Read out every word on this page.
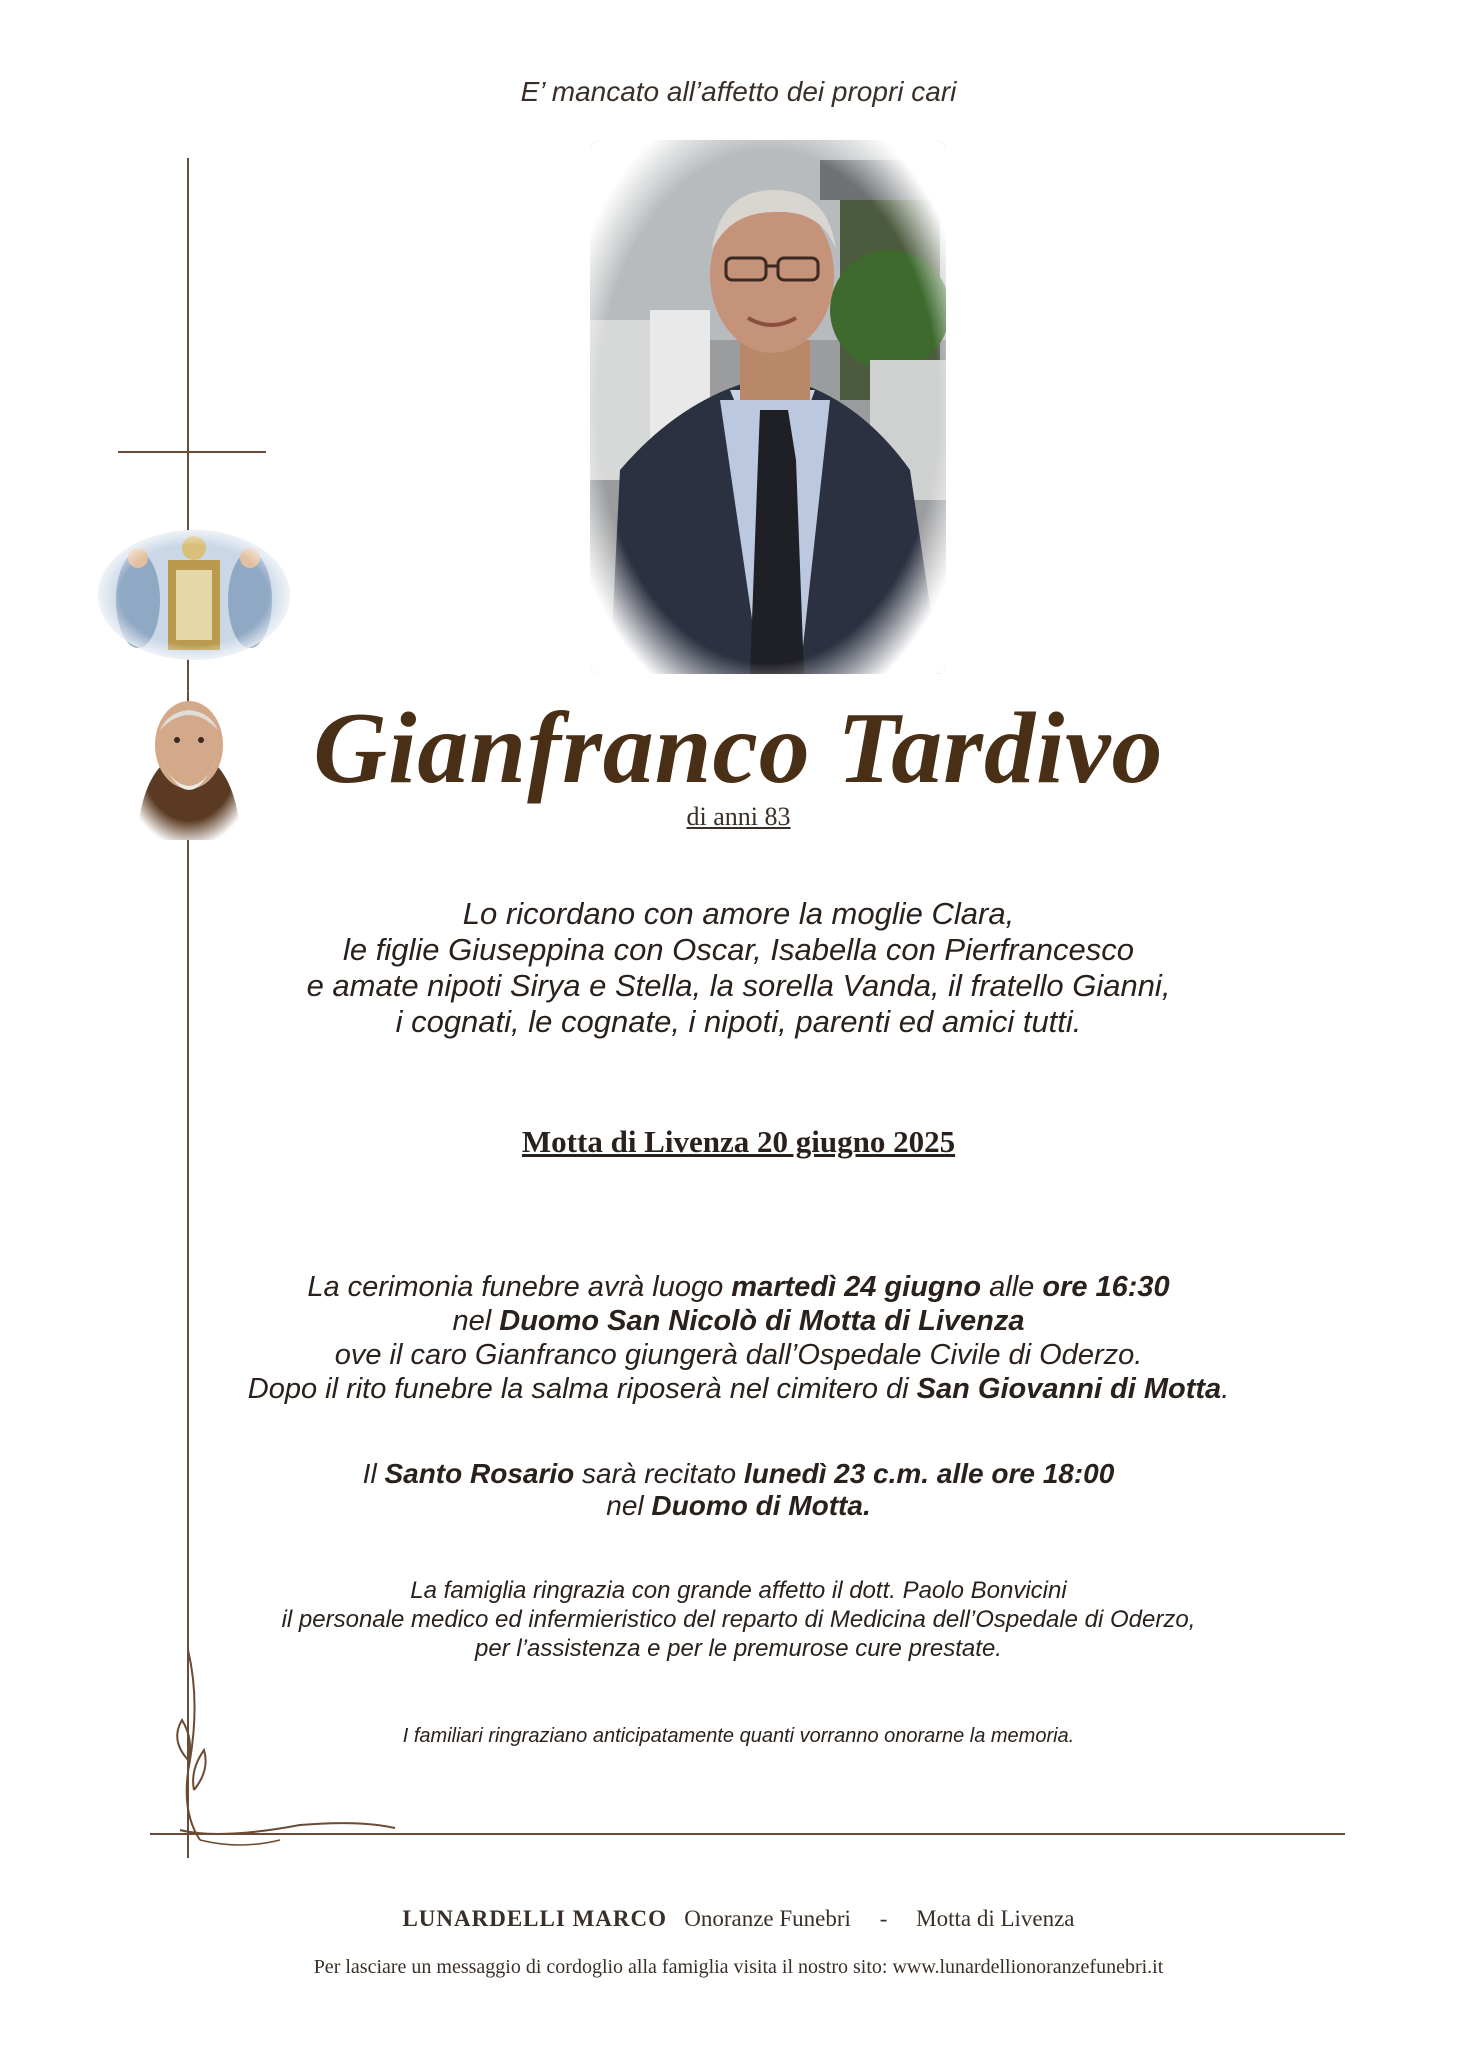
E’ mancato all’affetto dei propri cari
Gianfranco Tardivo
di anni 83
Lo ricordano con amore la moglie Clara,
le figlie Giuseppina con Oscar, Isabella con Pierfrancesco
e amate nipoti Sirya e Stella, la sorella Vanda, il fratello Gianni,
i cognati, le cognate, i nipoti, parenti ed amici tutti.
Motta di Livenza 20 giugno 2025
La cerimonia funebre avrà luogo martedì 24 giugno alle ore 16:30
nel Duomo San Nicolò di Motta di Livenza
ove il caro Gianfranco giungerà dall’Ospedale Civile di Oderzo.
Dopo il rito funebre la salma riposerà nel cimitero di San Giovanni di Motta.
Il Santo Rosario sarà recitato lunedì 23 c.m. alle ore 18:00
nel Duomo di Motta.
La famiglia ringrazia con grande affetto il dott. Paolo Bonvicini
il personale medico ed infermieristico del reparto di Medicina dell’Ospedale di Oderzo,
per l’assistenza e per le premurose cure prestate.
I familiari ringraziano anticipatamente quanti vorranno onorarne la memoria.
LUNARDELLI MARCO Onoranze Funebri - Motta di Livenza
Per lasciare un messaggio di cordoglio alla famiglia visita il nostro sito: www.lunardellionoranzefunebri.it
